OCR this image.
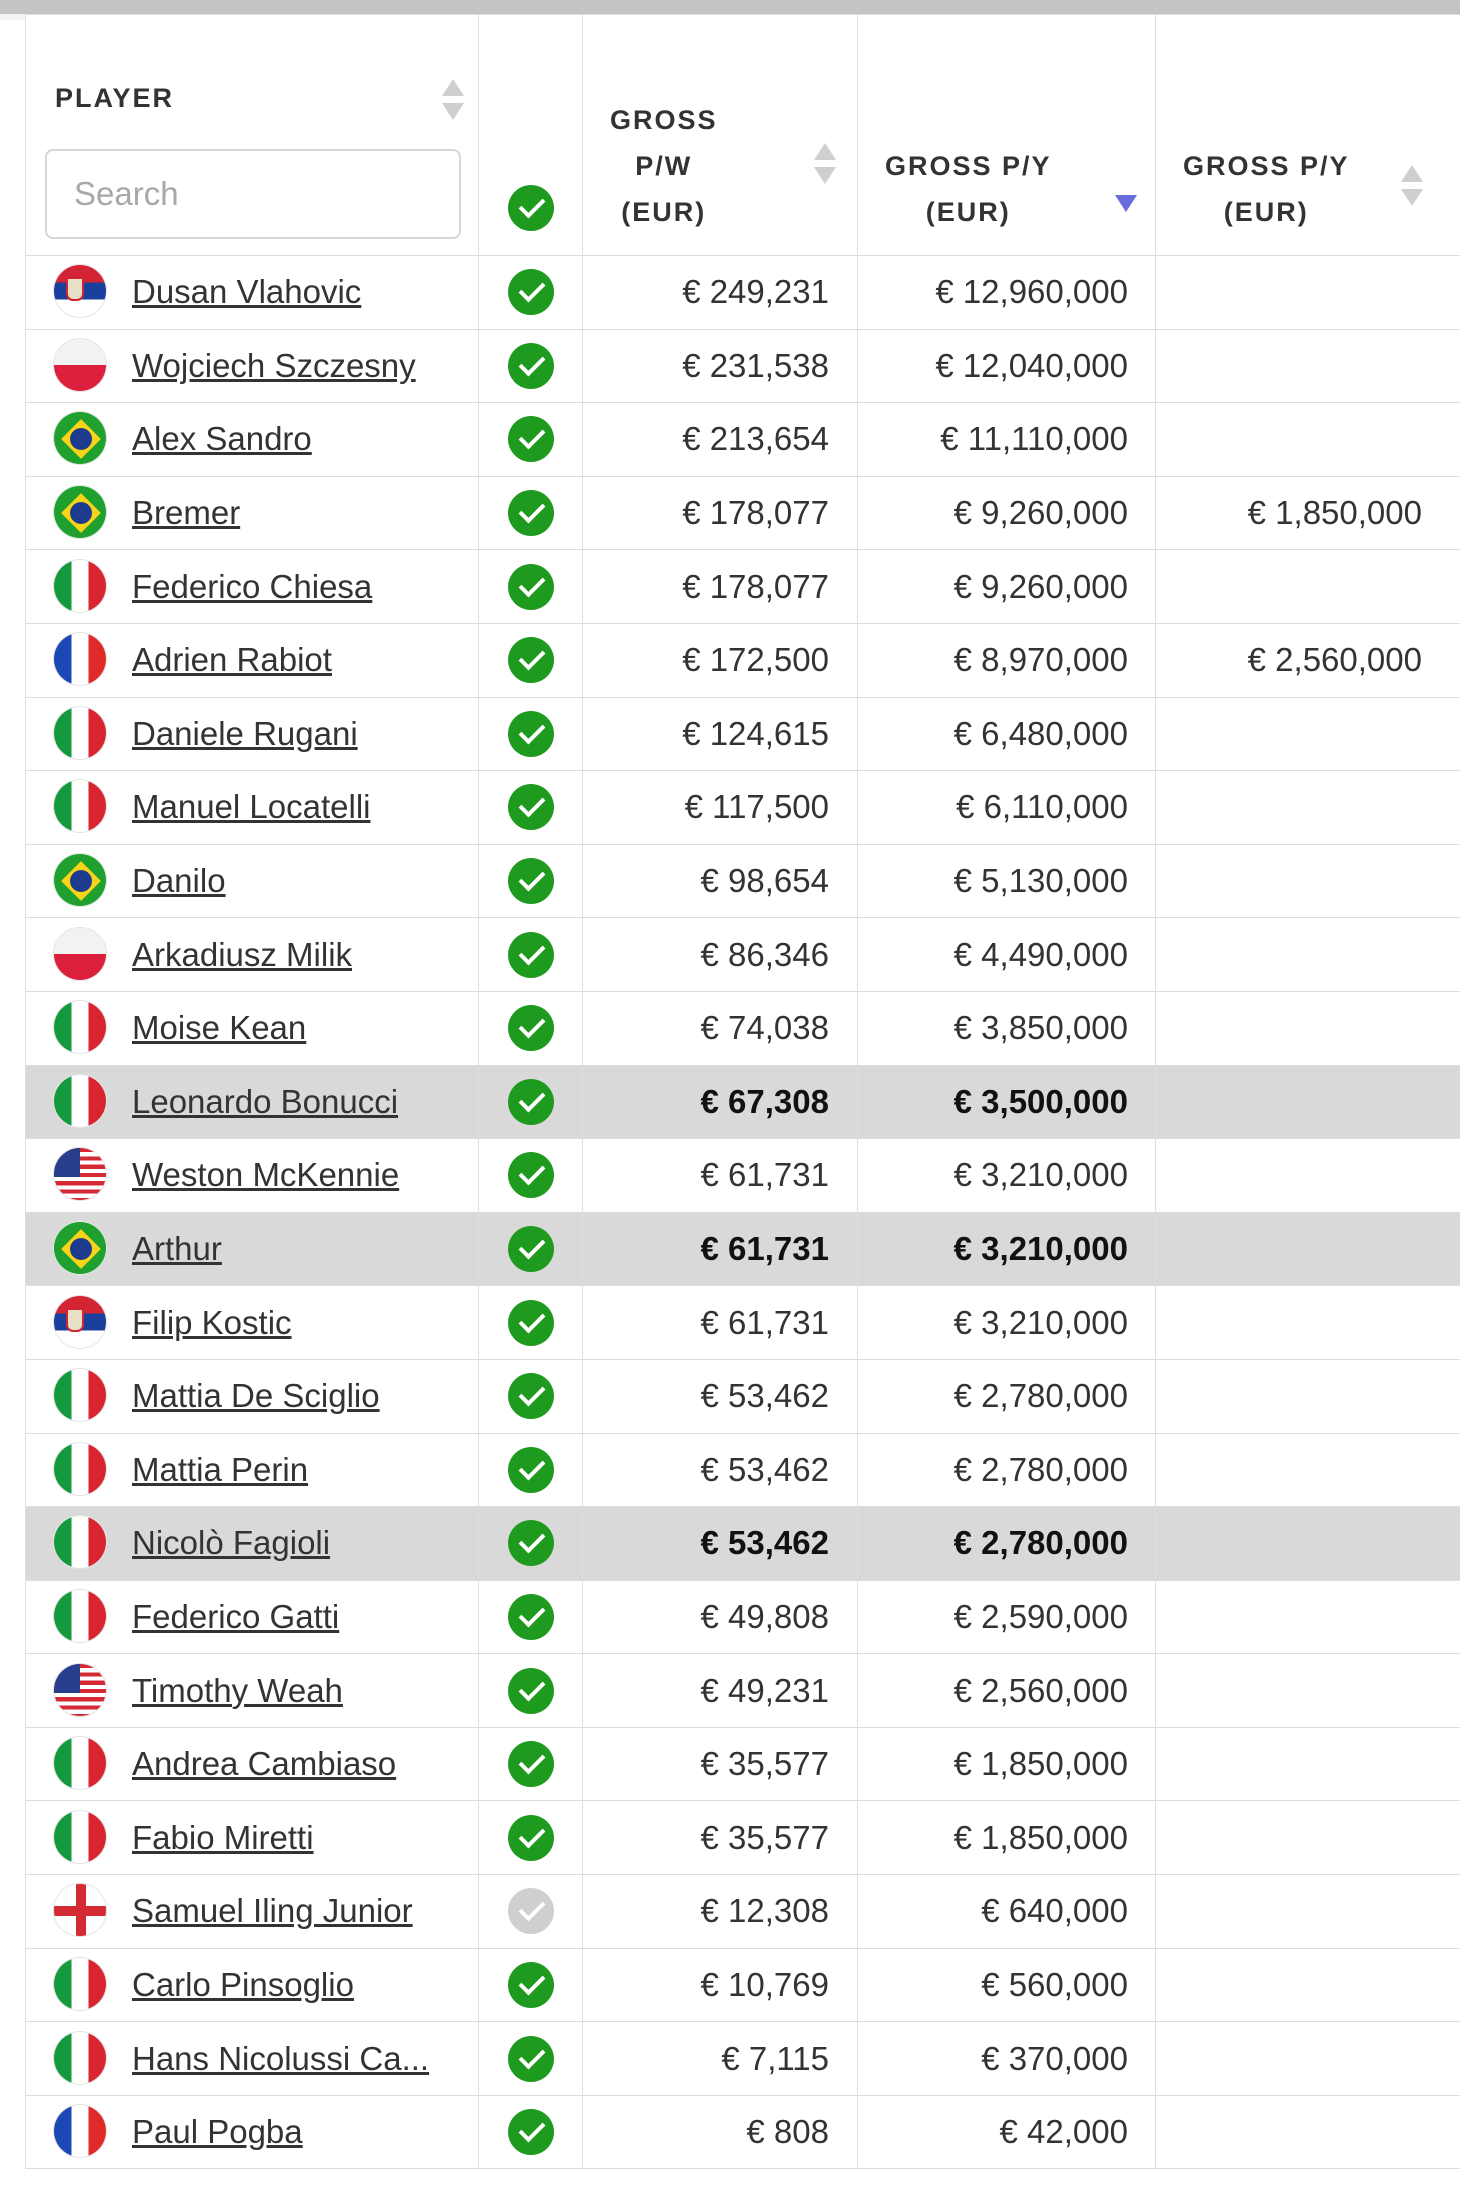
PLAYER
Search		GROSS
P/W
(EUR)	GROSS P/Y
(EUR)	GROSS P/Y
(EUR)

Dusan Vlahovic		€ 249,231	€ 12,960,000	

Wojciech Szczesny		€ 231,538	€ 12,040,000	

Alex Sandro		€ 213,654	€ 11,110,000	

Bremer		€ 178,077	€ 9,260,000	€ 1,850,000

Federico Chiesa		€ 178,077	€ 9,260,000	

Adrien Rabiot		€ 172,500	€ 8,970,000	€ 2,560,000

Daniele Rugani		€ 124,615	€ 6,480,000	

Manuel Locatelli		€ 117,500	€ 6,110,000	

Danilo		€ 98,654	€ 5,130,000	

Arkadiusz Milik		€ 86,346	€ 4,490,000	

Moise Kean		€ 74,038	€ 3,850,000	

Leonardo Bonucci		€ 67,308	€ 3,500,000	

Weston McKennie		€ 61,731	€ 3,210,000	

Arthur		€ 61,731	€ 3,210,000	

Filip Kostic		€ 61,731	€ 3,210,000	

Mattia De Sciglio		€ 53,462	€ 2,780,000	

Mattia Perin		€ 53,462	€ 2,780,000	

Nicolò Fagioli		€ 53,462	€ 2,780,000	

Federico Gatti		€ 49,808	€ 2,590,000	

Timothy Weah		€ 49,231	€ 2,560,000	

Andrea Cambiaso		€ 35,577	€ 1,850,000	

Fabio Miretti		€ 35,577	€ 1,850,000	

Samuel Iling Junior		€ 12,308	€ 640,000	

Carlo Pinsoglio		€ 10,769	€ 560,000	

Hans Nicolussi Ca...		€ 7,115	€ 370,000	

Paul Pogba		€ 808	€ 42,000	
